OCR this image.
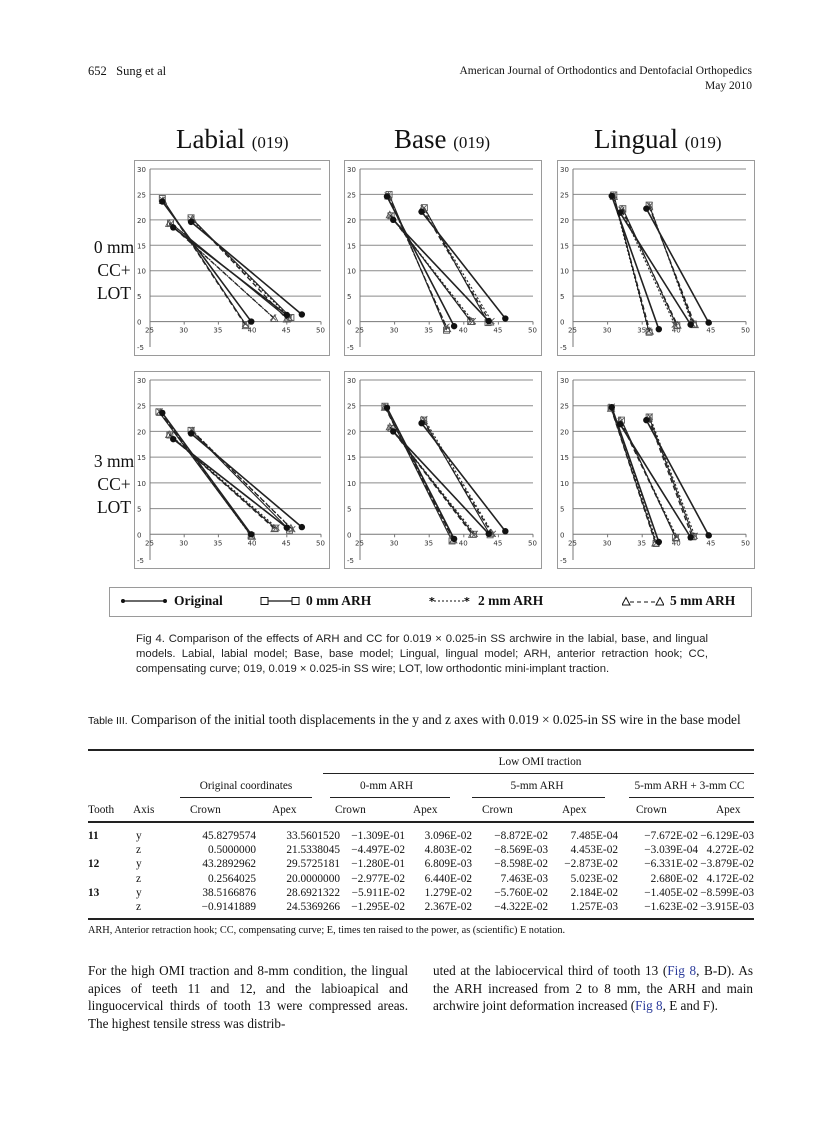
652   Sung et al	American Journal of Orthodontics and Dentofacial Orthopedics
May 2010
Labial (019)	Base (019)	Lingual (019)
0 mm
CC+
LOT
3 mm
CC+
LOT
-5
0
5
10
15
20
25
30
25	30	35	40	45	50
-5
0
5
10
15
20
25
30
25	30	35	40	45	50
-5
0
5
10
15
20
25
30
25	30	35	40	45	50
-5
0
5
10
15
20
25
30
25	30	35	40	45	50
-5
0
5
10
15
20
25
30
25	30	35	40	45	50
-5
0
5
10
15
20
25
30
25	30	35	40	45	50
Original	0 mm ARH	*	* 2 mm ARH	5 mm ARH
Fig 4. Comparison of the effects of ARH and CC for 0.019 × 0.025-in SS archwire in the labial, base, and lingual models. Labial, labial model; Base, base model; Lingual, lingual model; ARH, anterior retraction hook; CC, compensating curve; 019, 0.019 × 0.025-in SS wire; LOT, low orthodontic mini-implant traction.
Table III. Comparison of the initial tooth displacements in the y and z axes with 0.019 × 0.025-in SS wire in the base model
Low OMI traction
Original coordinates	0-mm ARH	5-mm ARH	5-mm ARH + 3-mm CC
Tooth Axis	Crown	Apex	Crown	Apex	Crown	Apex	Crown	Apex
11	y	45.8279574	33.5601520 −1.309E-01 3.096E-02 −8.872E-02 7.485E-04 −7.672E-02 −6.129E-03
z	0.5000000	21.5338045 −4.497E-02 4.803E-02 −8.569E-03 4.453E-02 −3.039E-04 4.272E-02
12	y	43.2892962	29.5725181 −1.280E-01 6.809E-03 −8.598E-02 −2.873E-02 −6.331E-02 −3.879E-02
z	0.2564025	20.0000000 −2.977E-02 6.440E-02	7.463E-03 5.023E-02	2.680E-02 4.172E-02
13	y	38.5166876	28.6921322 −5.911E-02 1.279E-02 −5.760E-02 2.184E-02 −1.405E-02 −8.599E-03
z	−0.9141889	24.5369266 −1.295E-02 2.367E-02 −4.322E-02 1.257E-03 −1.623E-02 −3.915E-03
ARH, Anterior retraction hook; CC, compensating curve; E, times ten raised to the power, as (scientific) E notation.
For the high OMI traction and 8-mm condition, the lingual apices of teeth 11 and 12, and the labioapical and linguocervical thirds of tooth 13 were compressed areas. The highest tensile stress was distrib-
uted at the labiocervical third of tooth 13 (Fig 8, B-D). As the ARH increased from 2 to 8 mm, the ARH and main archwire joint deformation increased (Fig 8, E and F).
